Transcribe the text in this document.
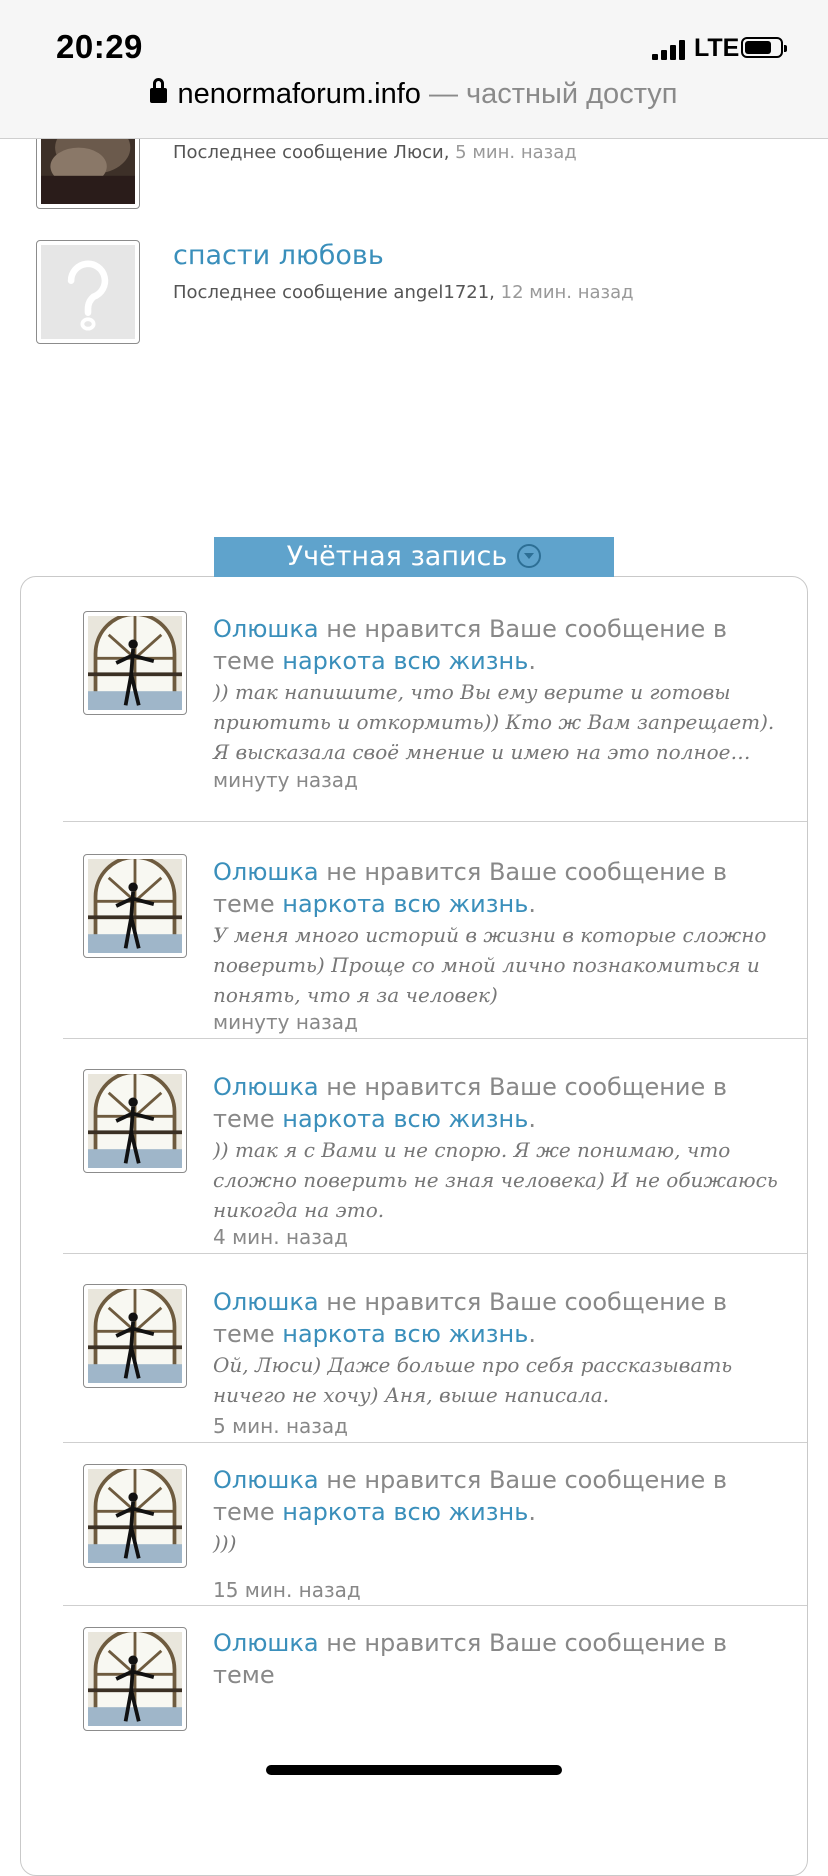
20:29	LTE
nenormaforum.info — частный доступ
Последнее сообщение Люси, 5 мин. назад
спасти любовь
Последнее сообщение angel1721, 12 мин. назад
Учётная запись
Олюшка не нравится Ваше сообщение в теме наркота всю жизнь.
)) так напишите, что Вы ему верите и готовы приютить и откормить)) Кто ж Вам запрещает). Я высказала своё мнение и имею на это полное…
минуту назад
Олюшка не нравится Ваше сообщение в теме наркота всю жизнь.
У меня много историй в жизни в которые сложно поверить) Проще со мной лично познакомиться и понять, что я за человек)
минуту назад
Олюшка не нравится Ваше сообщение в теме наркота всю жизнь.
)) так я с Вами и не спорю. Я же понимаю, что сложно поверить не зная человека) И не обижаюсь никогда на это.
4 мин. назад
Олюшка не нравится Ваше сообщение в теме наркота всю жизнь.
Ой, Люси) Даже больше про себя рассказывать ничего не хочу) Аня, выше написала.
5 мин. назад
Олюшка не нравится Ваше сообщение в теме наркота всю жизнь.
)))
15 мин. назад
Олюшка не нравится Ваше сообщение в теме
